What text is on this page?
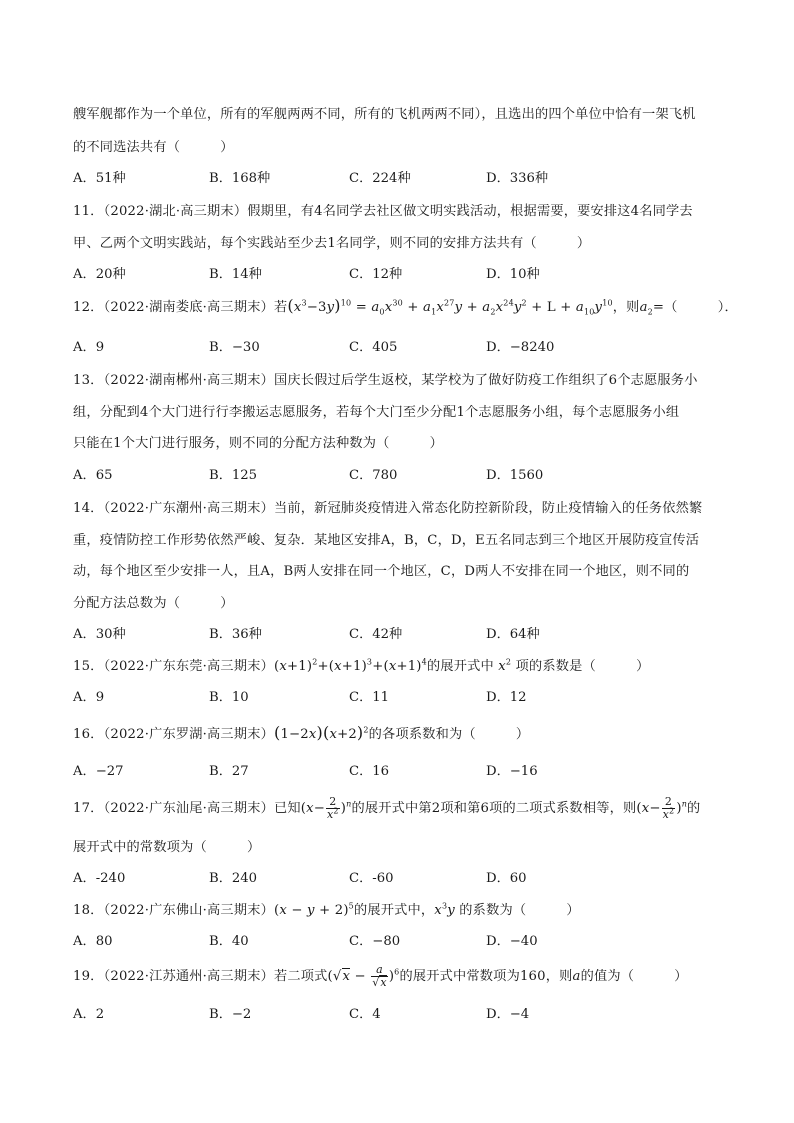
艘军舰都作为一个单位，所有的军舰两两不同，所有的飞机两两不同），且选出的四个单位中恰有一架飞机
的不同选法共有（　　　）
A．51种	B．168种	C．224种	D．336种
11．（2022·湖北·高三期末）假期里，有4名同学去社区做文明实践活动，根据需要，要安排这4名同学去
甲、乙两个文明实践站，每个实践站至少去1名同学，则不同的安排方法共有（　　　）
A．20种	B．14种	C．12种	D．10种
12．（2022·湖南娄底·高三期末）若$(x^3-3y)^{10} = a_0x^{30} + a_1x^{27}y + a_2x^{24}y^2 + L + a_{10}y^{10}$，则$a_2=$（　　　）．
A．9	B．−30	C．405	D．−8240
13．（2022·湖南郴州·高三期末）国庆长假过后学生返校，某学校为了做好防疫工作组织了6个志愿服务小
组，分配到4个大门进行行李搬运志愿服务，若每个大门至少分配1个志愿服务小组，每个志愿服务小组
只能在1个大门进行服务，则不同的分配方法种数为（　　　）
A．65	B．125	C．780	D．1560
14．（2022·广东潮州·高三期末）当前，新冠肺炎疫情进入常态化防控新阶段，防止疫情输入的任务依然繁
重，疫情防控工作形势依然严峻、复杂．某地区安排A，B，C，D，E五名同志到三个地区开展防疫宣传活
动，每个地区至少安排一人，且A，B两人安排在同一个地区，C，D两人不安排在同一个地区，则不同的
分配方法总数为（　　　）
A．30种	B．36种	C．42种	D．64种
15．（2022·广东东莞·高三期末）$(x+1)^2+(x+1)^3+(x+1)^4$的展开式中 $x^2$ 项的系数是（　　　）
A．9	B．10	C．11	D．12
16．（2022·广东罗湖·高三期末）$(1-2x)(x+2)^2$的各项系数和为（　　　）
A．−27	B．27	C．16	D．−16
17．（2022·广东汕尾·高三期末）已知$(x- \frac{2}{x^2} )^n$的展开式中第2项和第6项的二项式系数相等，则$(x- \frac{2}{x^2} )^n$的
展开式中的常数项为（　　　）
A．-240	B．240	C．-60	D．60
18．（2022·广东佛山·高三期末）$(x - y + 2)^5$的展开式中，$x^3y$ 的系数为（　　　）
A．80	B．40	C．−80	D．−40
19．（2022·江苏通州·高三期末）若二项式$(√x - \frac{a}{√x} )^6$的展开式中常数项为160，则a的值为（　　　）
A．2	B．−2	C．4	D．−4
